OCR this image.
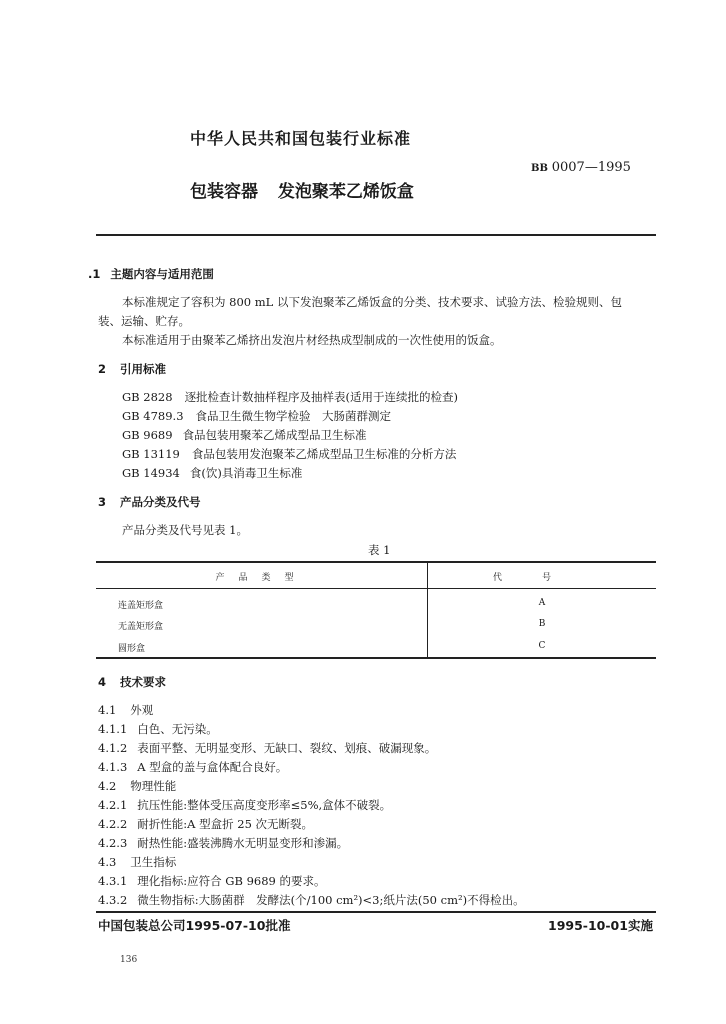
中华人民共和国包装行业标准
BB 0007—1995
包装容器 发泡聚苯乙烯饭盒
.1 主题内容与适用范围
本标准规定了容积为 800 mL 以下发泡聚苯乙烯饭盒的分类、技术要求、试验方法、检验规则、包
装、运输、贮存。
本标准适用于由聚苯乙烯挤出发泡片材经热成型制成的一次性使用的饭盒。
2 引用标准
GB 2828 逐批检查计数抽样程序及抽样表(适用于连续批的检查)
GB 4789.3 食品卫生微生物学检验　大肠菌群测定
GB 9689 食品包装用聚苯乙烯成型品卫生标准
GB 13119 食品包装用发泡聚苯乙烯成型品卫生标准的分析方法
GB 14934 食(饮)具消毒卫生标准
3 产品分类及代号
产品分类及代号见表 1。
表 1
产品类型	代号
连盖矩形盒	A
无盖矩形盒	B
圆形盒	C
4 技术要求
4.1 外观
4.1.1 白色、无污染。
4.1.2 表面平整、无明显变形、无缺口、裂纹、划痕、破漏现象。
4.1.3 A 型盒的盖与盒体配合良好。
4.2 物理性能
4.2.1 抗压性能:整体受压高度变形率≤5%,盒体不破裂。
4.2.2 耐折性能:A 型盒折 25 次无断裂。
4.2.3 耐热性能:盛装沸腾水无明显变形和渗漏。
4.3 卫生指标
4.3.1 理化指标:应符合 GB 9689 的要求。
4.3.2 微生物指标:大肠菌群　发酵法(个/100 cm²)<3;纸片法(50 cm²)不得检出。
中国包装总公司1995-07-10批准	1995-10-01实施
136
